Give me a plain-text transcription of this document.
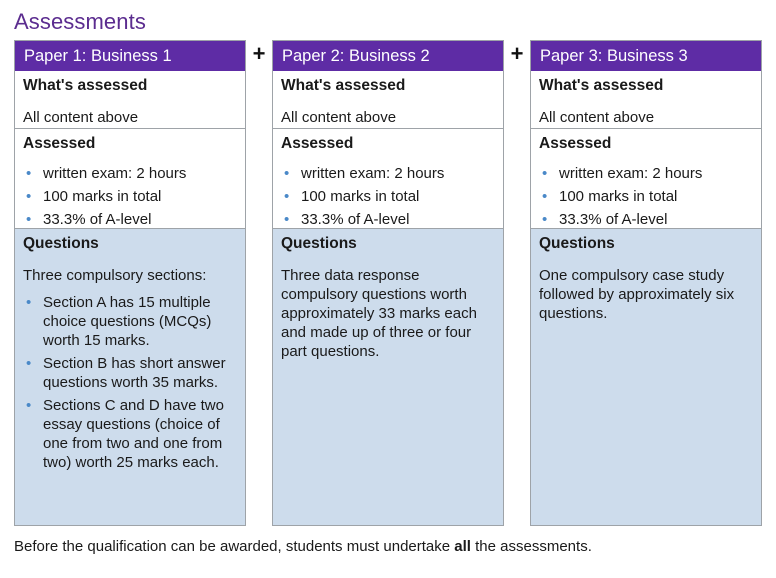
Assessments
Paper 1: Business 1
What's assessed
All content above
Assessed
• written exam: 2 hours
• 100 marks in total
• 33.3% of A-level
Questions
Three compulsory sections:
• Section A has 15 multiple choice questions (MCQs) worth 15 marks.
• Section B has short answer questions worth 35 marks.
• Sections C and D have two essay questions (choice of one from two and one from two) worth 25 marks each.
+	Paper 2: Business 2
What's assessed
All content above
Assessed
• written exam: 2 hours
• 100 marks in total
• 33.3% of A-level
Questions
Three data response compulsory questions worth approximately 33 marks each and made up of three or four part questions.
+	Paper 3: Business 3
What's assessed
All content above
Assessed
• written exam: 2 hours
• 100 marks in total
• 33.3% of A-level
Questions
One compulsory case study followed by approximately six questions.
Before the qualification can be awarded, students must undertake all the assessments.
